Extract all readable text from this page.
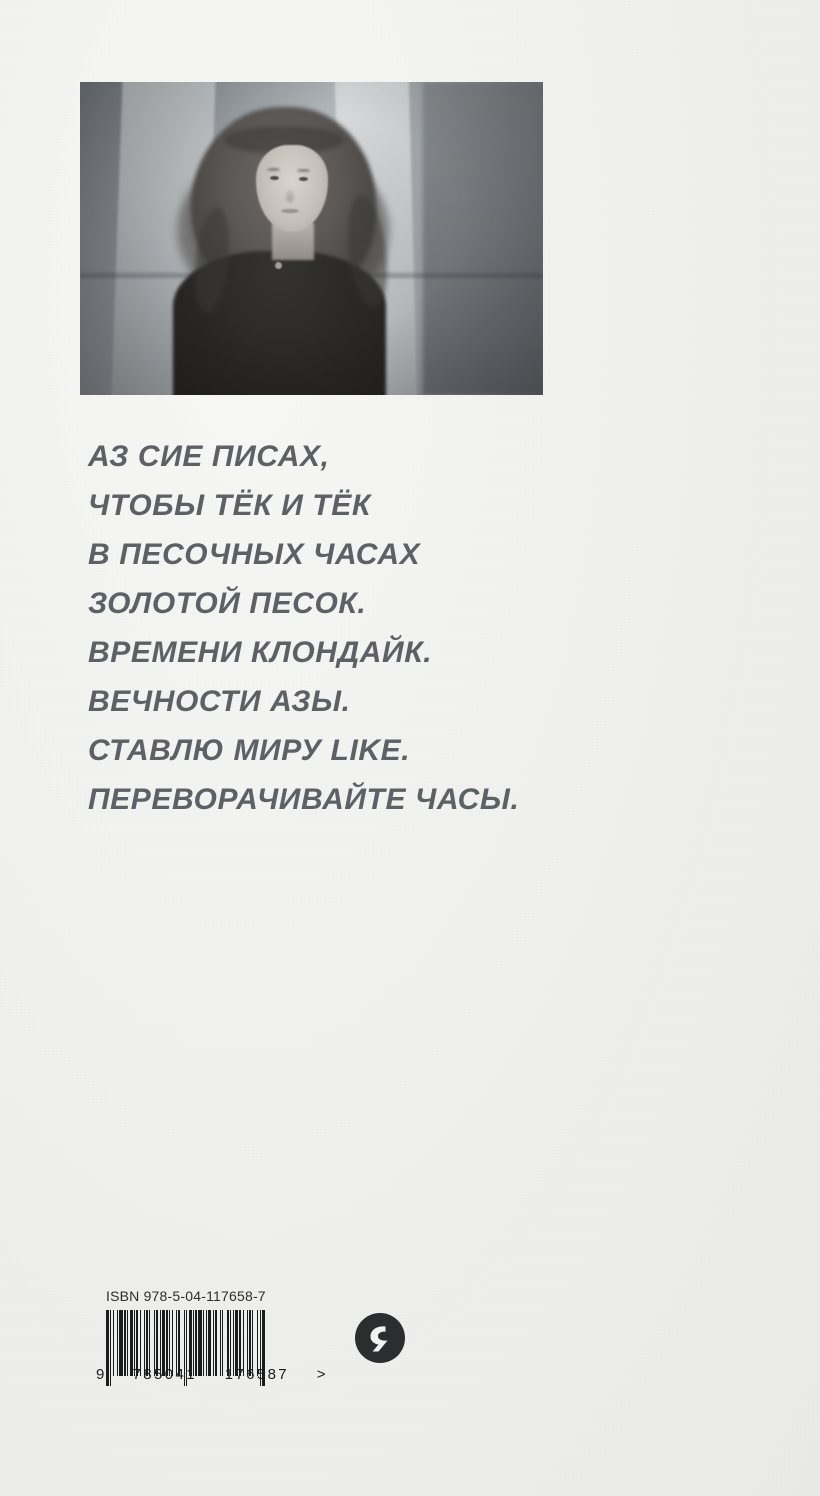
АЗ СИЕ ПИСАХ,
ЧТОБЫ ТЁК И ТЁК
В ПЕСОЧНЫХ ЧАСАХ
ЗОЛОТОЙ ПЕСОК.
ВРЕМЕНИ КЛОНДАЙК.
ВЕЧНОСТИ АЗЫ.
СТАВЛЮ МИРУ LIKE.
ПЕРЕВОРАЧИВАЙТЕ ЧАСЫ.
ISBN 978-5-04-117658-7
9 785041 176587 >
